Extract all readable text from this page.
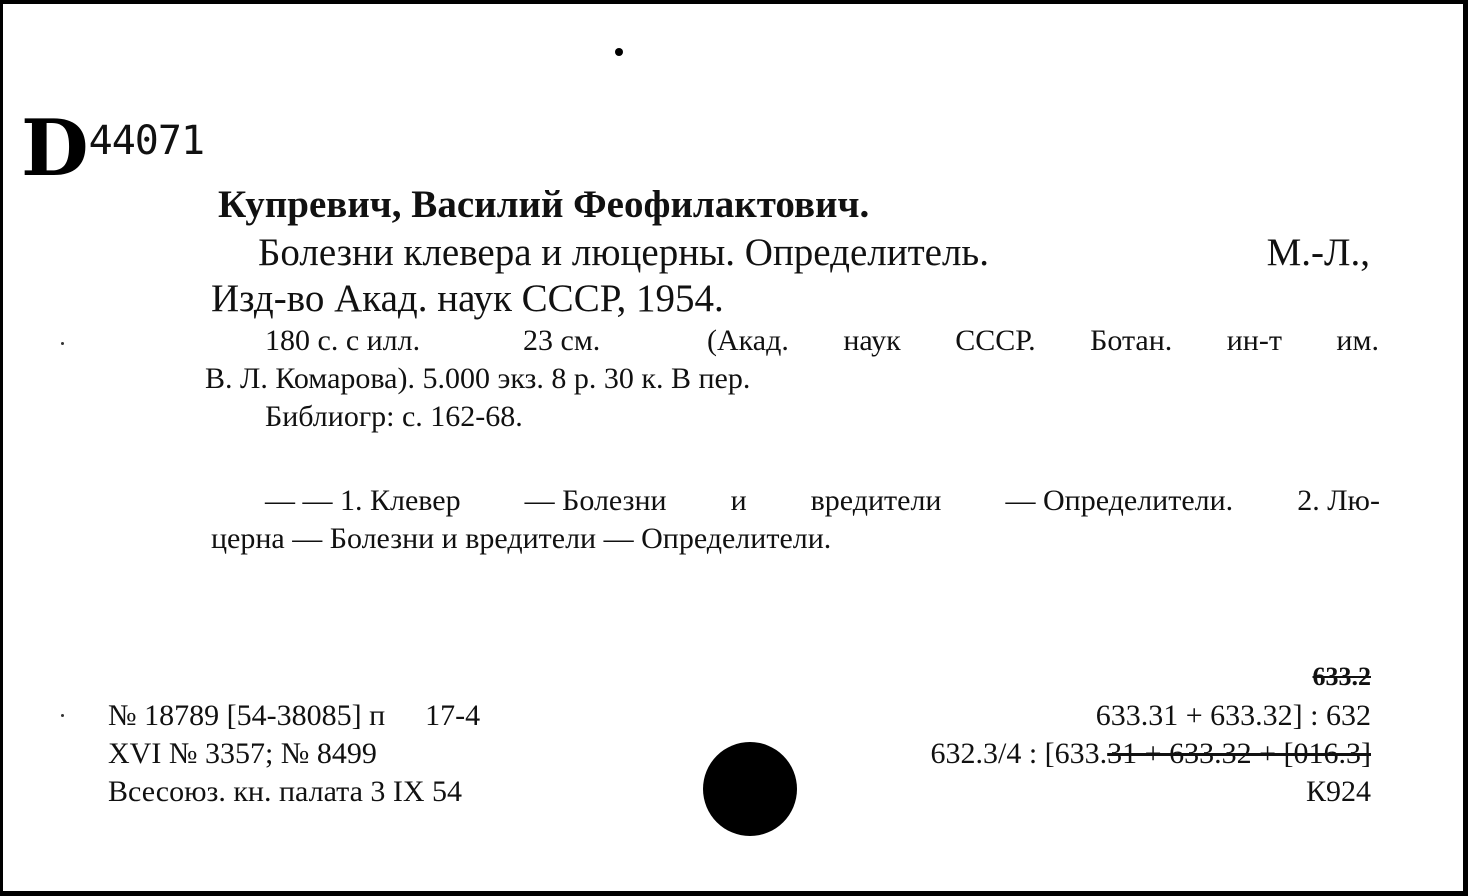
D 44071
Купревич, Василий Феофилактович.
Болезни клевера и люцерны. Определитель.	М.-Л.,
Изд-во Акад. наук СССР, 1954.
180 с. с илл.	23 см.	(Акад. наук СССР. Ботан. ин-т им.
В. Л. Комарова). 5.000 экз. 8 р. 30 к. В пер.
Библиогр: с. 162-68.
— — 1. Клевер — Болезни и вредители — Определители. 2. Лю-
церна — Болезни и вредители — Определители.
№ 18789 [54-38085] п 17-4
XVI № 3357; № 8499
Всесоюз. кн. палата 3 IX 54
633.2
633.31 + 633.32] : 632
632.3/4 : [633.31 + 633.32 + [016.3]
К924
